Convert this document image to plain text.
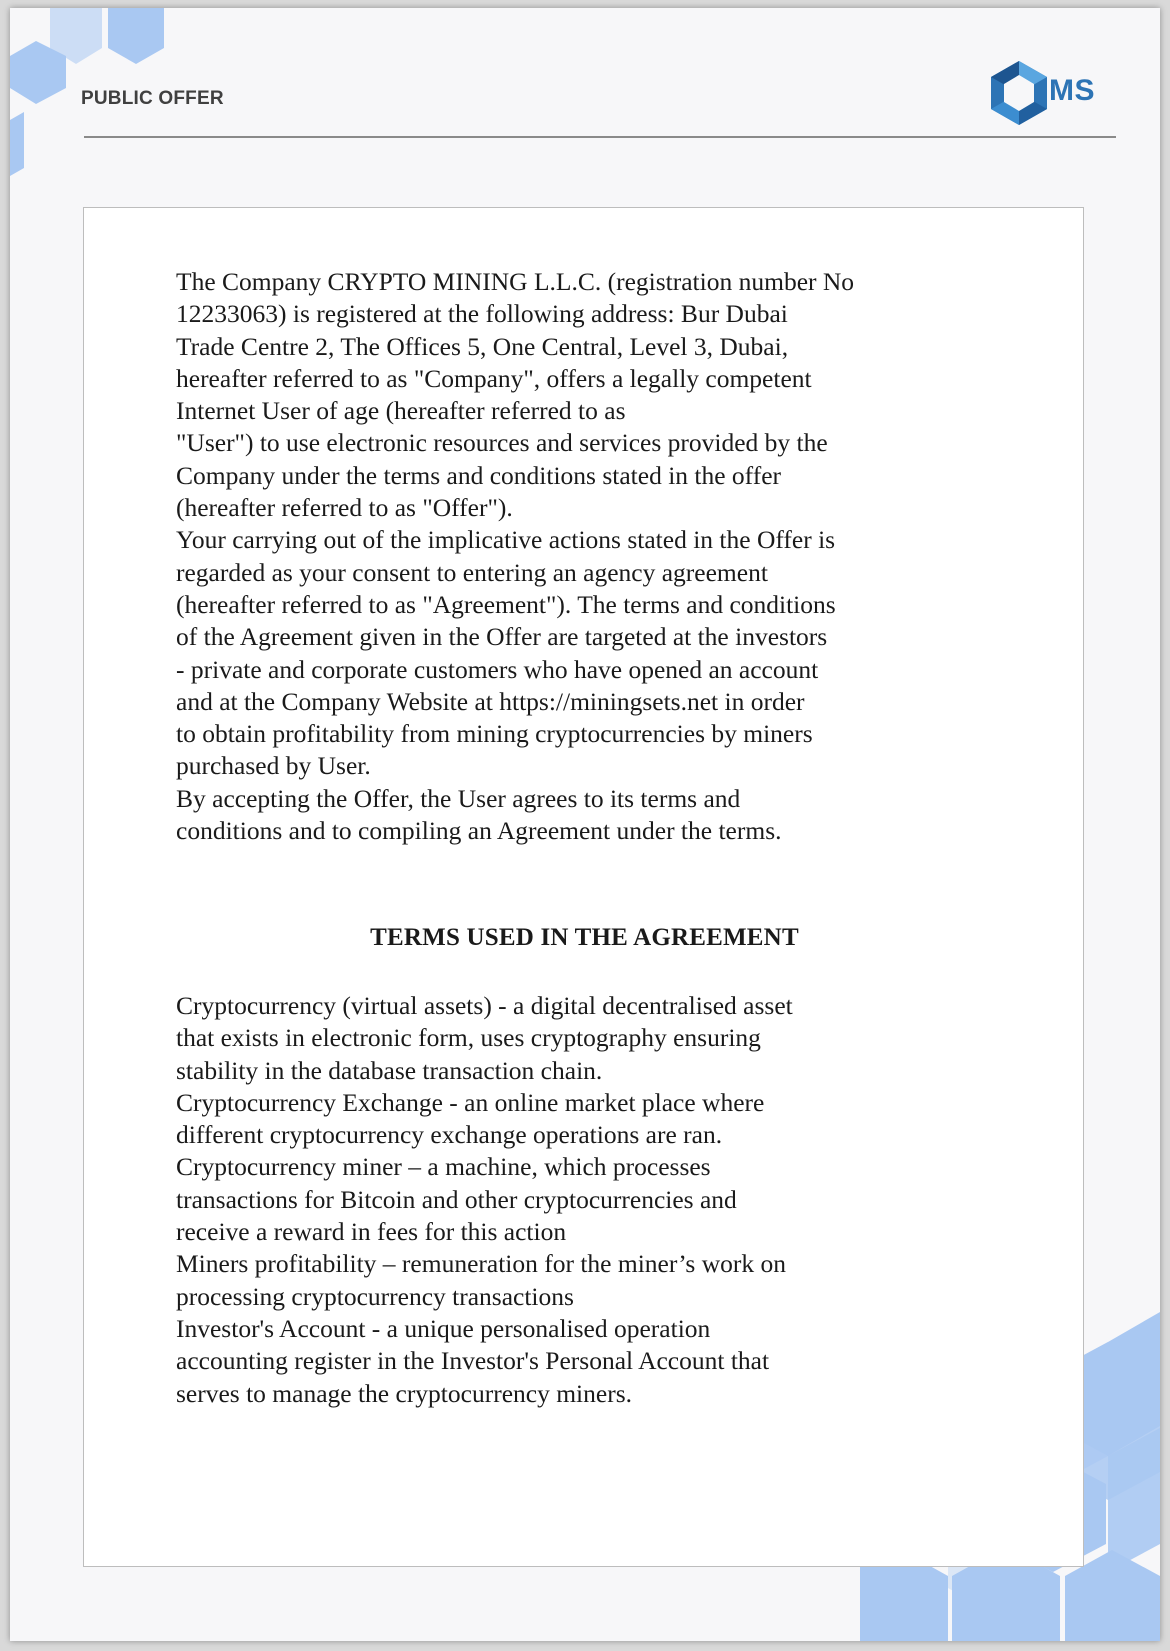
PUBLIC OFFER	MS

The Company CRYPTO MINING L.L.C. (registration number No

12233063) is registered at the following address: Bur Dubai

Trade Centre 2, The Offices 5, One Central, Level 3, Dubai,

hereafter referred to as "Company", offers a legally competent

Internet User of age (hereafter referred to as

"User") to use electronic resources and services provided by the

Company under the terms and conditions stated in the offer

(hereafter referred to as "Offer").

Your carrying out of the implicative actions stated in the Offer is

regarded as your consent to entering an agency agreement

(hereafter referred to as "Agreement"). The terms and conditions

of the Agreement given in the Offer are targeted at the investors

- private and corporate customers who have opened an account

and at the Company Website at https://miningsets.net in order

to obtain profitability from mining cryptocurrencies by miners

purchased by User.

By accepting the Offer, the User agrees to its terms and

conditions and to compiling an Agreement under the terms.

TERMS USED IN THE AGREEMENT

Cryptocurrency (virtual assets) - a digital decentralised asset

that exists in electronic form, uses cryptography ensuring

stability in the database transaction chain.

Cryptocurrency Exchange - an online market place where

different cryptocurrency exchange operations are ran.

Cryptocurrency miner – a machine, which processes

transactions for Bitcoin and other cryptocurrencies and

receive a reward in fees for this action

Miners profitability – remuneration for the miner’s work on

processing cryptocurrency transactions

Investor's Account - a unique personalised operation

accounting register in the Investor's Personal Account that

serves to manage the cryptocurrency miners.
